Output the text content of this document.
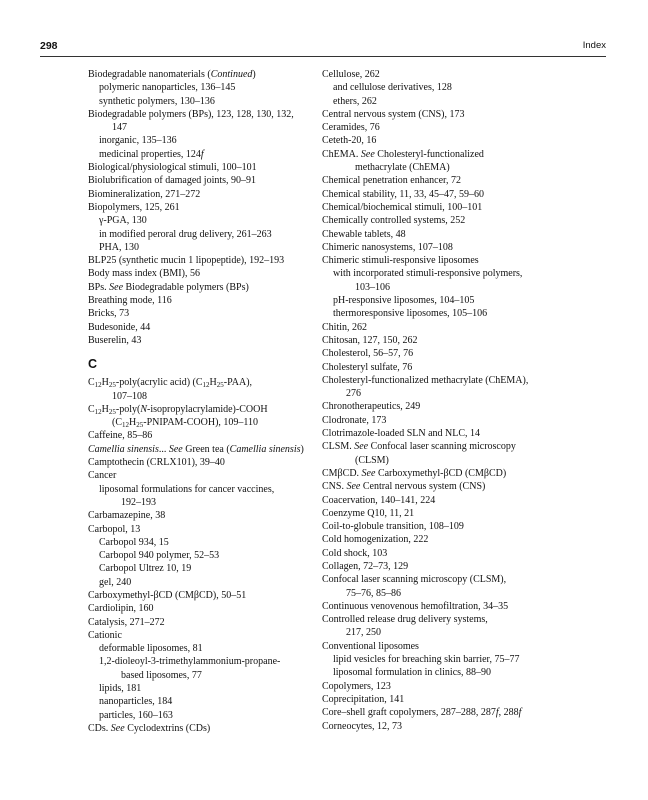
298	Index
Biodegradable nanomaterials (Continued)
polymeric nanoparticles, 136–145
synthetic polymers, 130–136
Biodegradable polymers (BPs), 123, 128, 130, 132,
147
inorganic, 135–136
medicinal properties, 124f
Biological/physiological stimuli, 100–101
Biolubrification of damaged joints, 90–91
Biomineralization, 271–272
Biopolymers, 125, 261
γ-PGA, 130
in modified peroral drug delivery, 261–263
PHA, 130
BLP25 (synthetic mucin 1 lipopeptide), 192–193
Body mass index (BMI), 56
BPs. See Biodegradable polymers (BPs)
Breathing mode, 116
Bricks, 73
Budesonide, 44
Buserelin, 43
C
$C_{12}H_{25}-poly(acrylic$ acid) $(C_{12}H_{25}-PAA)$,
107–108
$C_{12}H_{25}-poly(N-isopropylacrylamide)$-COOH
$(C_{12}H_{25}-PNIPAM-COOH)$, 109–110
Caffeine, 85–86
Camellia sinensis... See Green tea (Camellia sinensis)
Camptothecin (CRLX101), 39–40
Cancer
liposomal formulations for cancer vaccines,
192–193
Carbamazepine, 38
Carbopol, 13
Carbopol 934, 15
Carbopol 940 polymer, 52–53
Carbopol Ultrez 10, 19
gel, 240
Carboxymethyl-βCD (CMβCD), 50–51
Cardiolipin, 160
Catalysis, 271–272
Cationic
deformable liposomes, 81
1,2-dioleoyl-3-trimethylammonium-propane-
based liposomes, 77
lipids, 181
nanoparticles, 184
particles, 160–163
CDs. See Cyclodextrins (CDs)
Cellulose, 262
and cellulose derivatives, 128
ethers, 262
Central nervous system (CNS), 173
Ceramides, 76
Ceteth-20, 16
ChEMA. See Cholesteryl-functionalized
methacrylate (ChEMA)
Chemical penetration enhancer, 72
Chemical stability, 11, 33, 45–47, 59–60
Chemical/biochemical stimuli, 100–101
Chemically controlled systems, 252
Chewable tablets, 48
Chimeric nanosystems, 107–108
Chimeric stimuli-responsive liposomes
with incorporated stimuli-responsive polymers,
103–106
pH-responsive liposomes, 104–105
thermoresponsive liposomes, 105–106
Chitin, 262
Chitosan, 127, 150, 262
Cholesterol, 56–57, 76
Cholesteryl sulfate, 76
Cholesteryl-functionalized methacrylate (ChEMA),
276
Chronotherapeutics, 249
Clodronate, 173
Clotrimazole-loaded SLN and NLC, 14
CLSM. See Confocal laser scanning microscopy
(CLSM)
CMβCD. See Carboxymethyl-βCD (CMβCD)
CNS. See Central nervous system (CNS)
Coacervation, 140–141, 224
Coenzyme Q10, 11, 21
Coil-to-globule transition, 108–109
Cold homogenization, 222
Cold shock, 103
Collagen, 72–73, 129
Confocal laser scanning microscopy (CLSM),
75–76, 85–86
Continuous venovenous hemofiltration, 34–35
Controlled release drug delivery systems,
217, 250
Conventional liposomes
lipid vesicles for breaching skin barrier, 75–77
liposomal formulation in clinics, 88–90
Copolymers, 123
Coprecipitation, 141
Core–shell graft copolymers, 287–288, 287f, 288f
Corneocytes, 12, 73
